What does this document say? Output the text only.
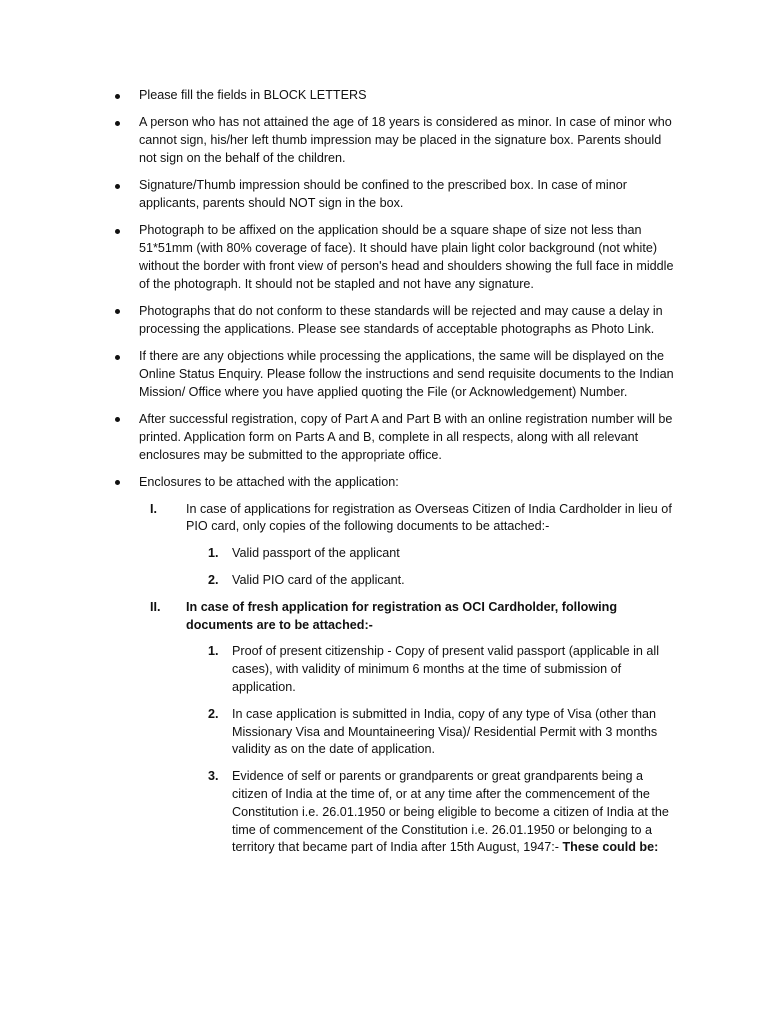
Please fill the fields in BLOCK LETTERS
A person who has not attained the age of 18 years is considered as minor. In case of minor who cannot sign, his/her left thumb impression may be placed in the signature box. Parents should not sign on the behalf of the children.
Signature/Thumb impression should be confined to the prescribed box. In case of minor applicants, parents should NOT sign in the box.
Photograph to be affixed on the application should be a square shape of size not less than 51*51mm (with 80% coverage of face). It should have plain light color background (not white) without the border with front view of person's head and shoulders showing the full face in middle of the photograph. It should not be stapled and not have any signature.
Photographs that do not conform to these standards will be rejected and may cause a delay in processing the applications. Please see standards of acceptable photographs as Photo Link.
If there are any objections while processing the applications, the same will be displayed on the Online Status Enquiry. Please follow the instructions and send requisite documents to the Indian Mission/ Office where you have applied quoting the File (or Acknowledgement) Number.
After successful registration, copy of Part A and Part B with an online registration number will be printed. Application form on Parts A and B, complete in all respects, along with all relevant enclosures may be submitted to the appropriate office.
Enclosures to be attached with the application:
I. In case of applications for registration as Overseas Citizen of India Cardholder in lieu of PIO card, only copies of the following documents to be attached:-
1. Valid passport of the applicant
2. Valid PIO card of the applicant.
II. In case of fresh application for registration as OCI Cardholder, following documents are to be attached:-
1. Proof of present citizenship - Copy of present valid passport (applicable in all cases), with validity of minimum 6 months at the time of submission of application.
2. In case application is submitted in India, copy of any type of Visa (other than Missionary Visa and Mountaineering Visa)/ Residential Permit with 3 months validity as on the date of application.
3. Evidence of self or parents or grandparents or great grandparents being a citizen of India at the time of, or at any time after the commencement of the Constitution i.e. 26.01.1950 or being eligible to become a citizen of India at the time of commencement of the Constitution i.e. 26.01.1950 or belonging to a territory that became part of India after 15th August, 1947:- These could be:
